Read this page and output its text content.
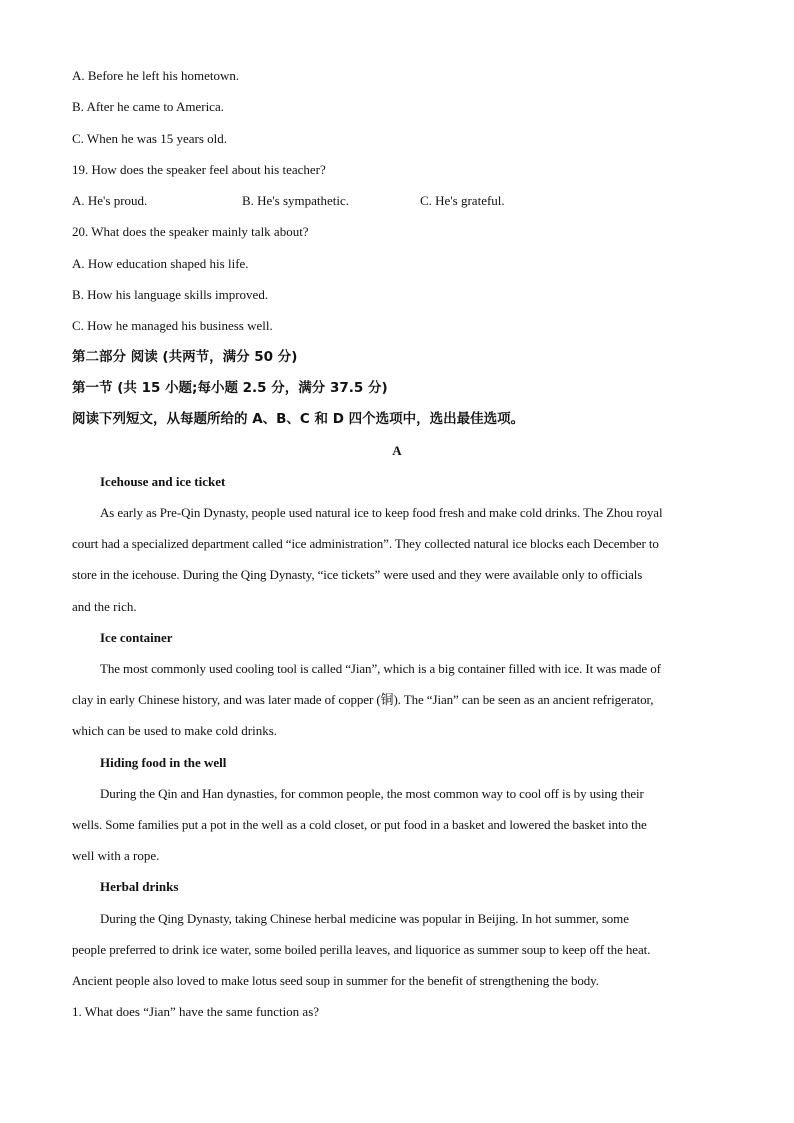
A. Before he left his hometown.
B. After he came to America.
C. When he was 15 years old.
19. How does the speaker feel about his teacher?
A. He's proud.	B. He's sympathetic.	C. He's grateful.
20. What does the speaker mainly talk about?
A. How education shaped his life.
B. How his language skills improved.
C. How he managed his business well.
第二部分 阅读 (共两节，满分 50 分)
第一节 (共 15 小题;每小题 2.5 分，满分 37.5 分)
阅读下列短文，从每题所给的 A、B、C 和 D 四个选项中，选出最佳选项。
A
Icehouse and ice ticket
As early as Pre-Qin Dynasty, people used natural ice to keep food fresh and make cold drinks. The Zhou royal
court had a specialized department called “ice administration”. They collected natural ice blocks each December to
store in the icehouse. During the Qing Dynasty, “ice tickets” were used and they were available only to officials
and the rich.
Ice container
The most commonly used cooling tool is called “Jian”, which is a big container filled with ice. It was made of
clay in early Chinese history, and was later made of copper (铜). The “Jian” can be seen as an ancient refrigerator,
which can be used to make cold drinks.
Hiding food in the well
During the Qin and Han dynasties, for common people, the most common way to cool off is by using their
wells. Some families put a pot in the well as a cold closet, or put food in a basket and lowered the basket into the
well with a rope.
Herbal drinks
During the Qing Dynasty, taking Chinese herbal medicine was popular in Beijing. In hot summer, some
people preferred to drink ice water, some boiled perilla leaves, and liquorice as summer soup to keep off the heat.
Ancient people also loved to make lotus seed soup in summer for the benefit of strengthening the body.
1. What does “Jian” have the same function as?
